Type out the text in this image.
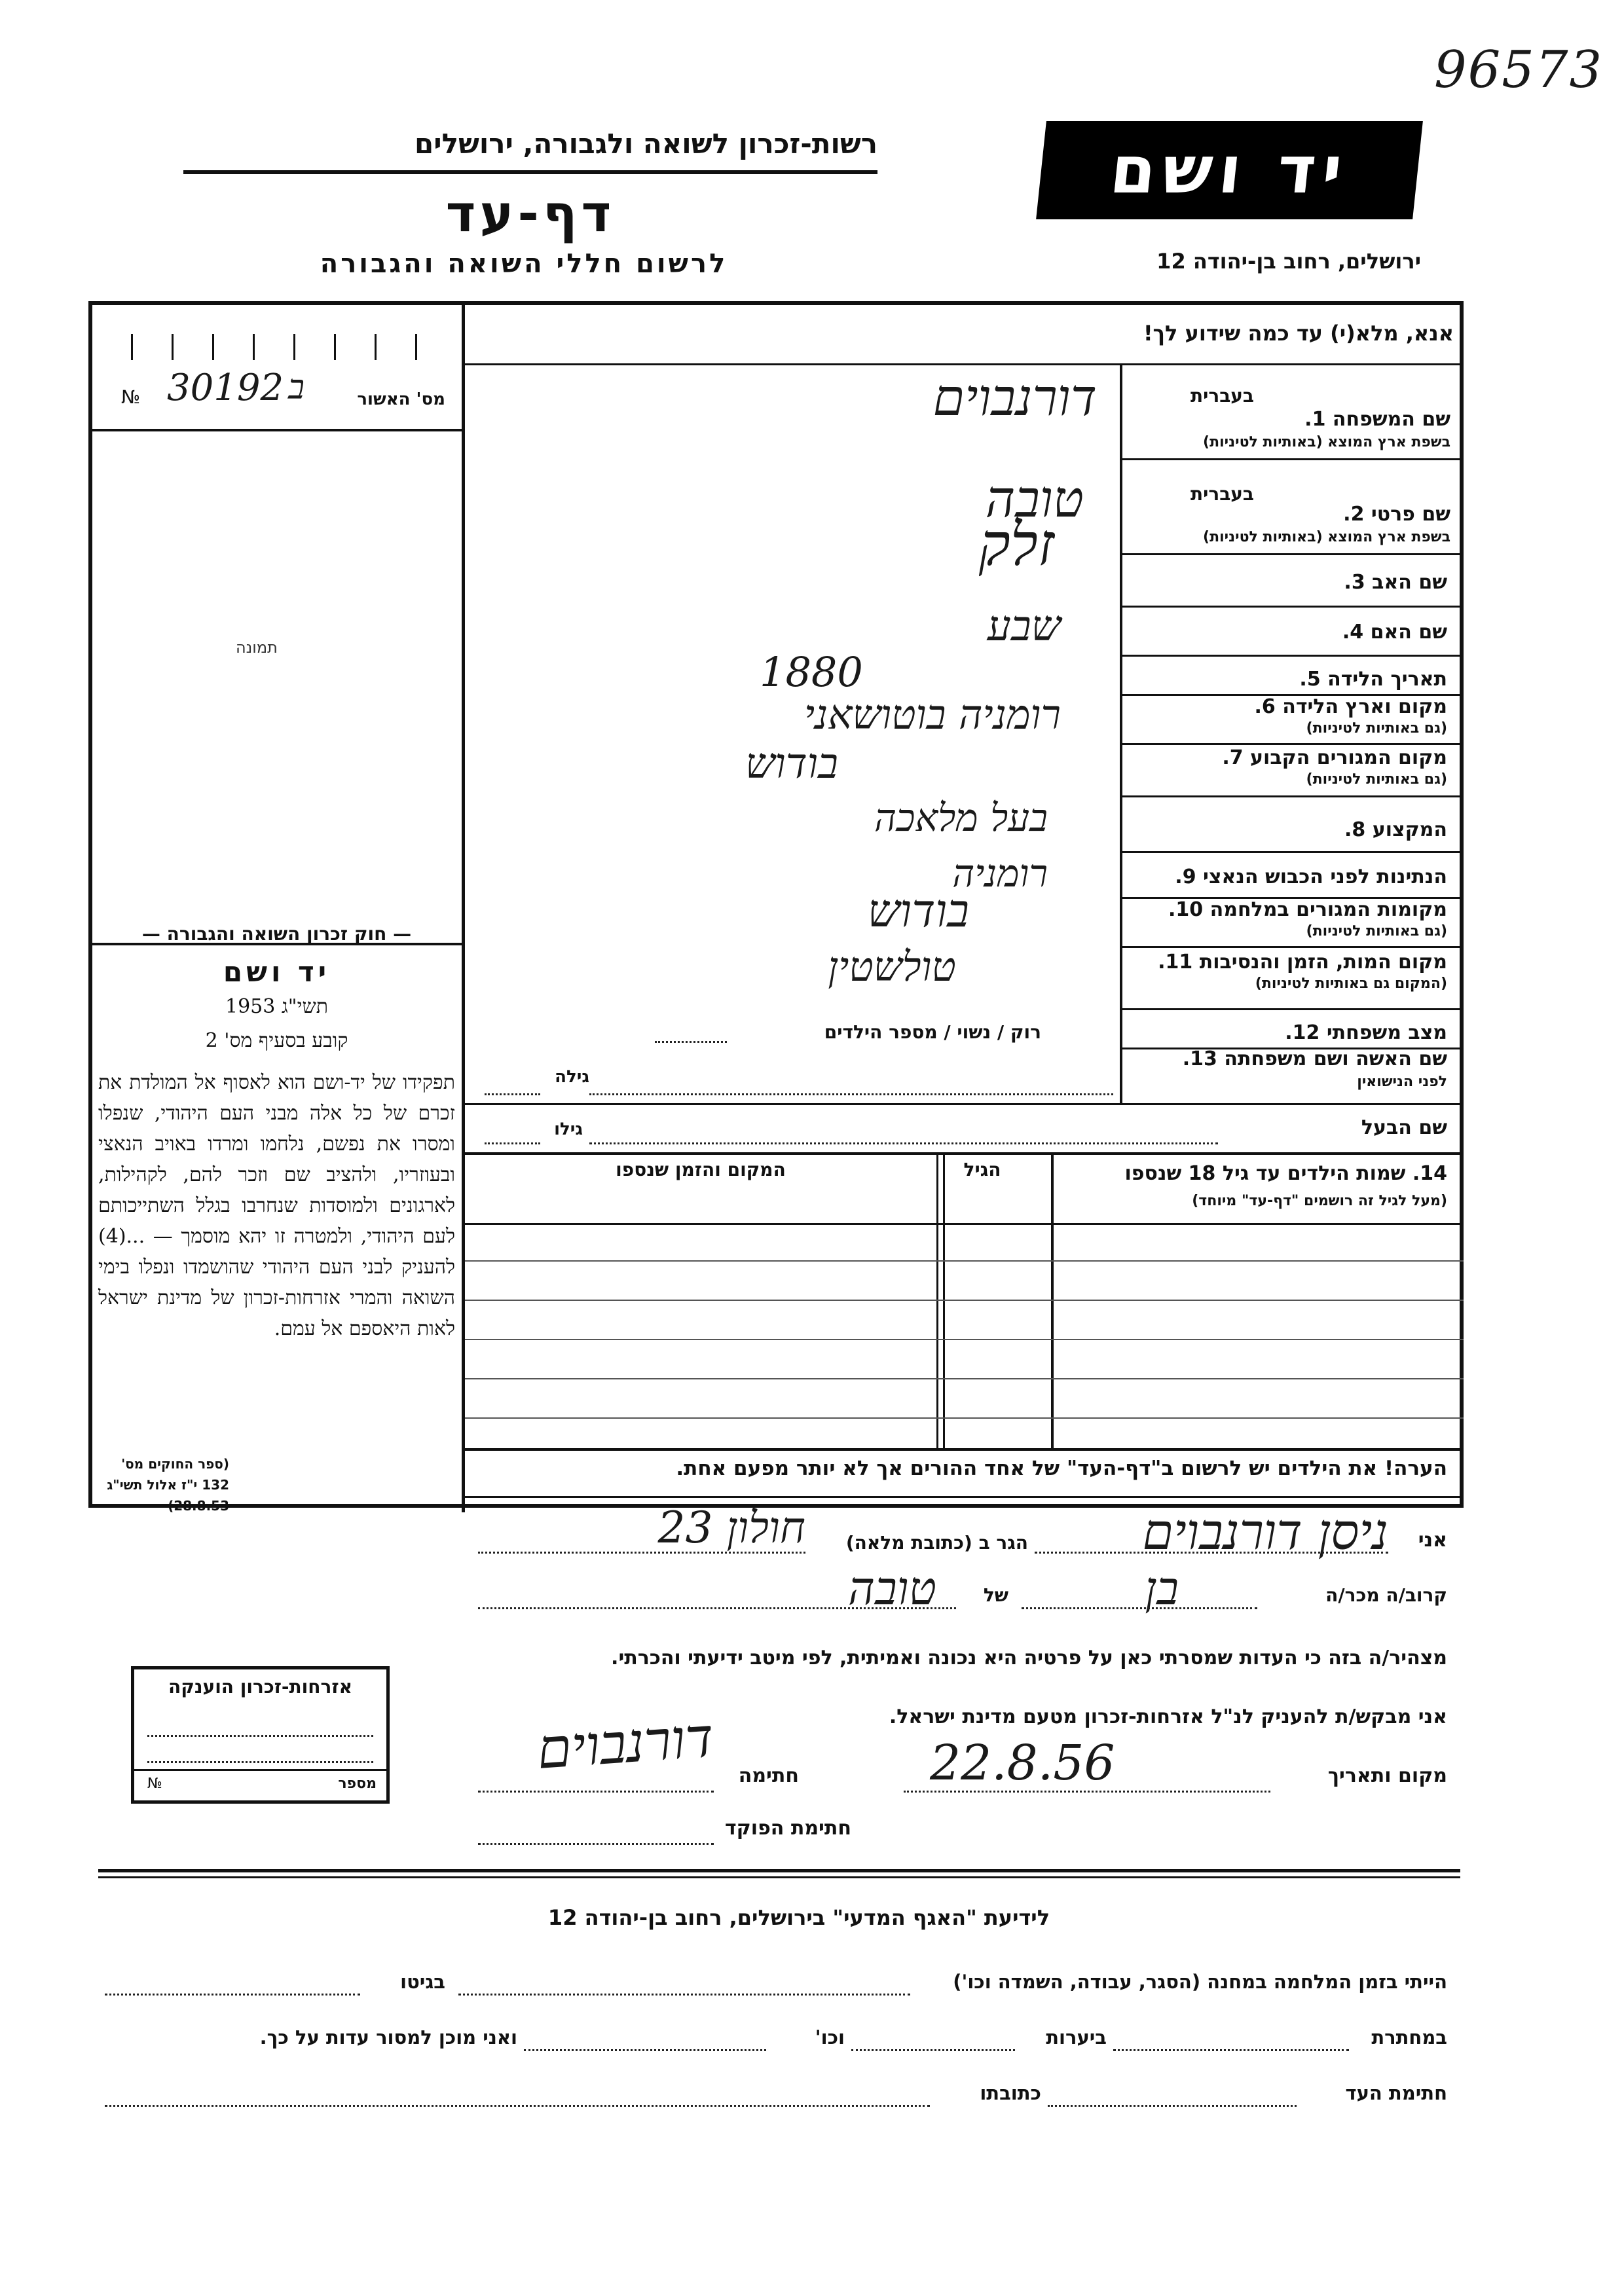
96573
רשות-זכרון לשואה ולגבורה, ירושלים
דף-עד
לרשום חללי השואה והגבורה
יד ושם
ירושלים, רחוב בן-יהודה 12
№ 30192 ב	מס' האשור
תמונה
אנא, מלא(י) עד כמה שידוע לך!
שם המשפחה 1.
בשפת ארץ המוצא (באותיות לטיניות)
בעברית
דורנבוים
שם פרטי 2.
בשפת ארץ המוצא (באותיות לטיניות)
בעברית
טובה
שם האב 3.
זלק
שם האם 4.
שבע
תאריך הלידה 5.
1880
מקום וארץ הלידה 6.
(גם באותיות לטיניות)
רומניה בוטושאני
מקום המגורים הקבוע 7.
(גם באותיות לטיניות)
בודוש
המקצוע 8.
בעל מלאכה
הנתינות לפני הכבוש הנאצי 9.
רומניה
מקומות המגורים במלחמה 10.
(גם באותיות לטיניות)
בודוש
מקום המות, הזמן והנסיבות 11.
(המקום גם באותיות לטיניות)
טולשטין
מצב משפחתי 12.
רוק / נשוי / מספר הילדים
שם האשה ושם משפחתה 13.
לפני הנישואין
גילה
שם הבעל
גילו
14. שמות הילדים עד גיל 18 שנספו
(מעל לגיל זה רושמים "דף-עד" מיוחד)
הגיל
המקום והזמן שנספו
הערה! את הילדים יש לרשום ב"דף-העד" של אחד ההורים אך לא יותר מפעם אחת.
— חוק זכרון השואה והגבורה —
יד ושם
תשי"ג 1953
קובע בסעיף מס' 2
תפקידו של יד-ושם הוא לאסוף אל המולדת את זכרם של כל אלה מבני העם היהודי, שנפלו ומסרו את נפשם, נלחמו ומרדו באויב הנאצי ובעוזריו, ולהציב שם וזכר להם, לקהילות, לארגונים ולמוסדות שנחרבו בגלל השתייכותם לעם היהודי, ולמטרה זו יהא מוסמך — ...(4) להעניק לבני העם היהודי שהושמדו ונפלו בימי השואה והמרי אזרחות-זכרון של מדינת ישראל לאות היאספם אל עמם.
(ספר החוקים מס' 132 י"ז אלול תשי"ג 28.8.53)
אני
ניסן דורנבוים
הגר ב (כתובת מלאה)
חולון 23
קרוב/ה מכר/ה
בן
של
טובה
מצהיר/ה בזה כי העדות שמסרתי כאן על פרטיה היא נכונה ואמיתית, לפי מיטב ידיעתי והכרתי.
אני מבקש/ת להעניק לנ"ל אזרחות-זכרון מטעם מדינת ישראל.
מקום ותאריך
22.8.56
חתימה
דורנבוים
חתימת הפוקד
אזרחות-זכרון הוענקה
№	מספר
לידיעת "האגף המדעי" בירושלים, רחוב בן-יהודה 12
הייתי בזמן המלחמה במחנה (הסגר, עבודה, השמדה וכו')
בגיטו
במחתרת
ביערות
וכו'
ואני מוכן למסור עדות על כך.
חתימת העד
כתובתו
